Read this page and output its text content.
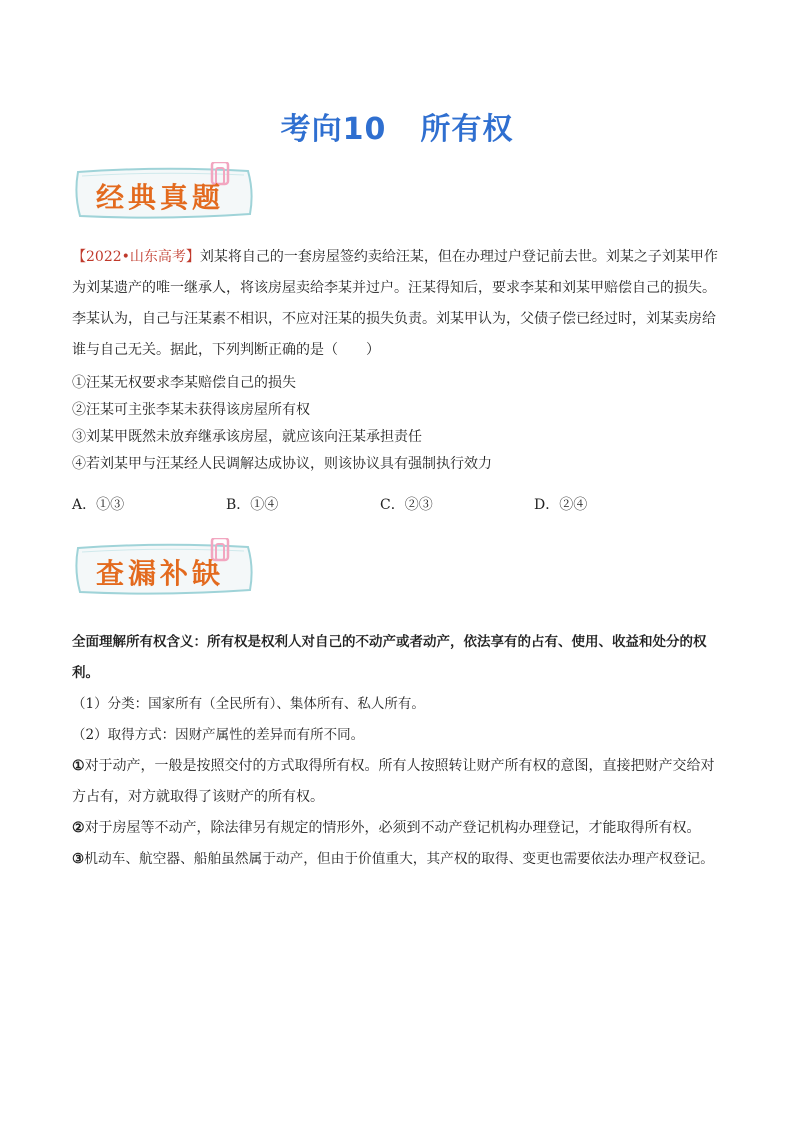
考向10 所有权
经典真题
【2022•山东高考】刘某将自己的一套房屋签约卖给汪某，但在办理过户登记前去世。刘某之子刘某甲作为刘某遗产的唯一继承人，将该房屋卖给李某并过户。汪某得知后，要求李某和刘某甲赔偿自己的损失。李某认为，自己与汪某素不相识，不应对汪某的损失负责。刘某甲认为，父债子偿已经过时，刘某卖房给谁与自己无关。据此，下列判断正确的是（　　）
①汪某无权要求李某赔偿自己的损失
②汪某可主张李某未获得该房屋所有权
③刘某甲既然未放弃继承该房屋，就应该向汪某承担责任
④若刘某甲与汪某经人民调解达成协议，则该协议具有强制执行效力
A．①③	B．①④	C．②③	D．②④
查漏补缺
全面理解所有权含义：所有权是权利人对自己的不动产或者动产，依法享有的占有、使用、收益和处分的权利。
（1）分类：国家所有（全民所有）、集体所有、私人所有。
（2）取得方式：因财产属性的差异而有所不同。
①对于动产，一般是按照交付的方式取得所有权。所有人按照转让财产所有权的意图，直接把财产交给对方占有，对方就取得了该财产的所有权。
②对于房屋等不动产，除法律另有规定的情形外，必须到不动产登记机构办理登记，才能取得所有权。
③机动车、航空器、船舶虽然属于动产，但由于价值重大，其产权的取得、变更也需要依法办理产权登记。
